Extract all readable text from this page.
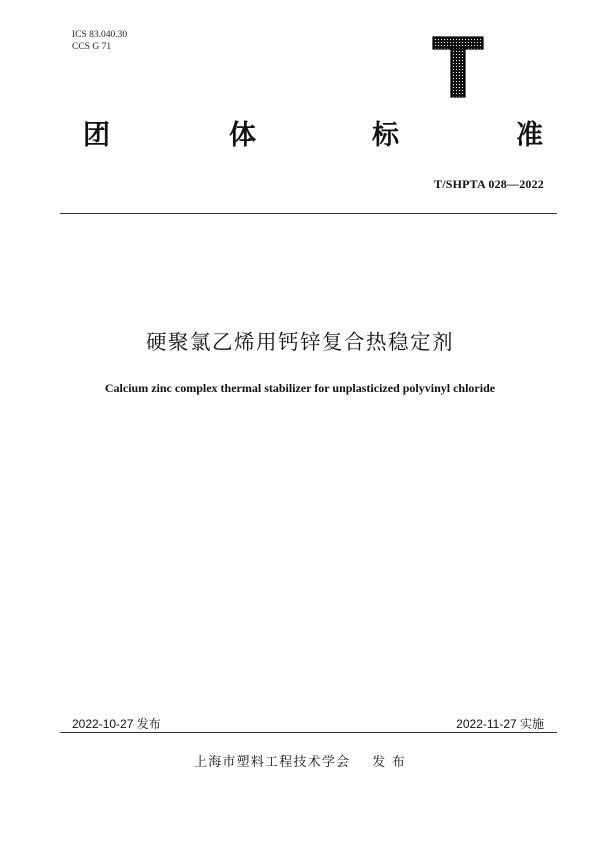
ICS 83.040.30
CCS G 71
团	体	标	准
T/SHPTA 028—2022
硬聚氯乙烯用钙锌复合热稳定剂
Calcium zinc complex thermal stabilizer for unplasticized polyvinyl chloride
2022-10-27 发布	2022-11-27 实施
上海市塑料工程技术学会 发 布
